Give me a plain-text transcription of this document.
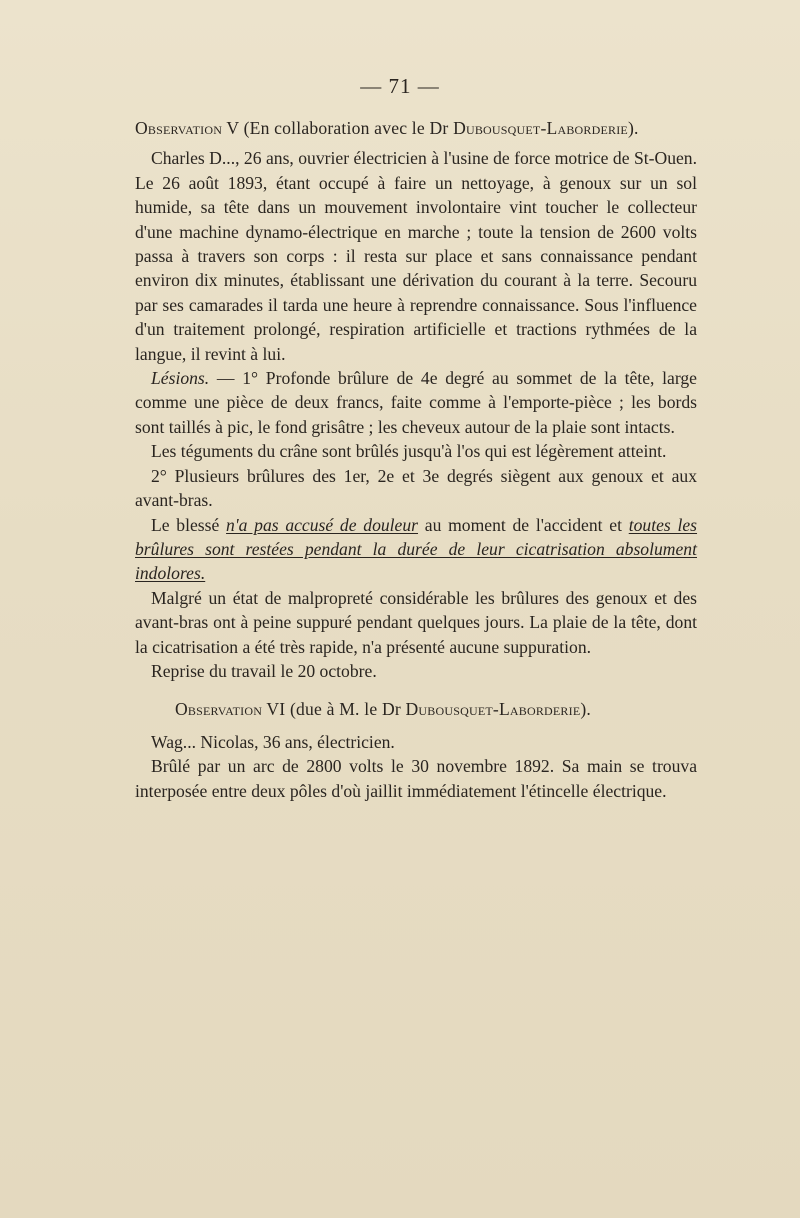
— 71 —

Observation V (En collaboration avec le Dr Dubousquet-Laborderie).

Charles D..., 26 ans, ouvrier électricien à l'usine de force motrice de St-Ouen. Le 26 août 1893, étant occupé à faire un nettoyage, à genoux sur un sol humide, sa tête dans un mouvement involontaire vint toucher le collecteur d'une machine dynamo-électrique en marche ; toute la tension de 2600 volts passa à travers son corps : il resta sur place et sans connaissance pendant environ dix minutes, établissant une dérivation du courant à la terre. Secouru par ses camarades il tarda une heure à reprendre connaissance. Sous l'influence d'un traitement prolongé, respiration artificielle et tractions rythmées de la langue, il revint à lui.

Lésions. — 1° Profonde brûlure de 4e degré au sommet de la tête, large comme une pièce de deux francs, faite comme à l'emporte-pièce ; les bords sont taillés à pic, le fond grisâtre ; les cheveux autour de la plaie sont intacts.

Les téguments du crâne sont brûlés jusqu'à l'os qui est légèrement atteint.

2° Plusieurs brûlures des 1er, 2e et 3e degrés siègent aux genoux et aux avant-bras.

Le blessé n'a pas accusé de douleur au moment de l'accident et toutes les brûlures sont restées pendant la durée de leur cicatrisation absolument indolores.

Malgré un état de malpropreté considérable les brûlures des genoux et des avant-bras ont à peine suppuré pendant quelques jours. La plaie de la tête, dont la cicatrisation a été très rapide, n'a présenté aucune suppuration.

Reprise du travail le 20 octobre.

Observation VI (due à M. le Dr Dubousquet-Laborderie).

Wag... Nicolas, 36 ans, électricien.

Brûlé par un arc de 2800 volts le 30 novembre 1892. Sa main se trouva interposée entre deux pôles d'où jaillit immédiatement l'étincelle électrique.
